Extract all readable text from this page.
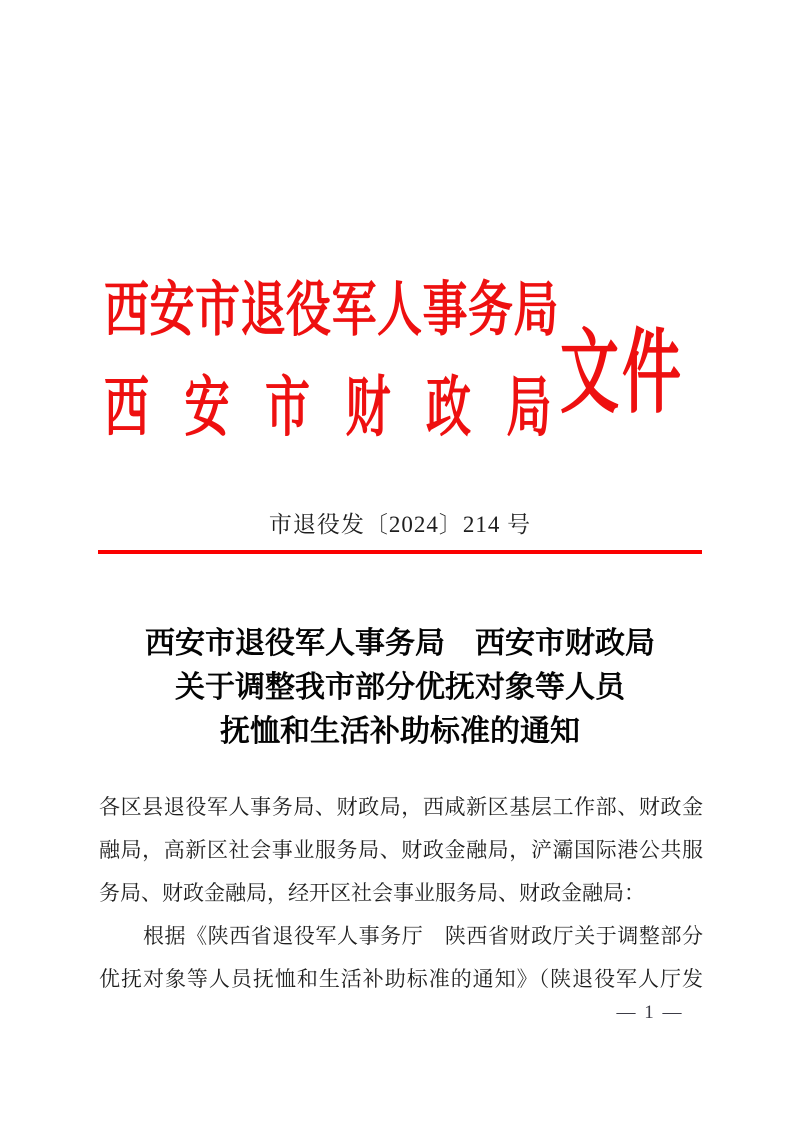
西安市退役军人事务局
西安市财政局
文件
市退役发〔2024〕214 号
西安市退役军人事务局　西安市财政局
关于调整我市部分优抚对象等人员
抚恤和生活补助标准的通知
各区县退役军人事务局、财政局，西咸新区基层工作部、财政金
融局，高新区社会事业服务局、财政金融局，浐灞国际港公共服
务局、财政金融局，经开区社会事业服务局、财政金融局：
根据《陕西省退役军人事务厅　陕西省财政厅关于调整部分
优抚对象等人员抚恤和生活补助标准的通知》（陕退役军人厅发
— 1 —
